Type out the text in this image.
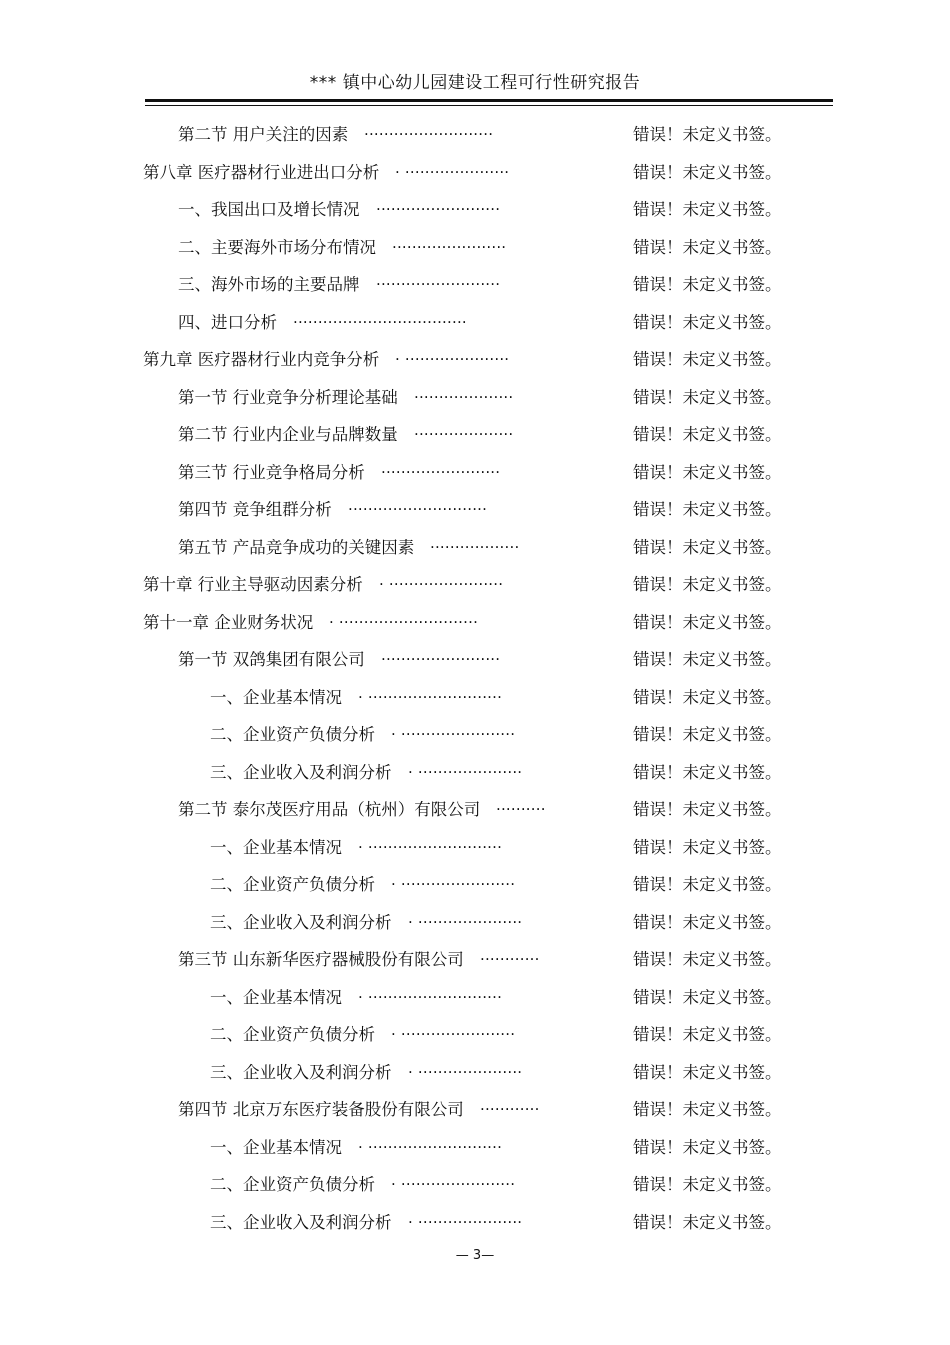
*** 镇中心幼儿园建设工程可行性研究报告
第二节 用户关注的因素 ..........................	错误！未定义书签。
第八章 医疗器材行业进出口分析 . .....................	错误！未定义书签。
一、我国出口及增长情况 .........................	错误！未定义书签。
二、主要海外市场分布情况 .......................	错误！未定义书签。
三、海外市场的主要品牌 .........................	错误！未定义书签。
四、进口分析 ...................................	错误！未定义书签。
第九章 医疗器材行业内竞争分析 . .....................	错误！未定义书签。
第一节 行业竞争分析理论基础 ....................	错误！未定义书签。
第二节 行业内企业与品牌数量 ....................	错误！未定义书签。
第三节 行业竞争格局分析 ........................	错误！未定义书签。
第四节 竞争组群分析 ............................	错误！未定义书签。
第五节 产品竞争成功的关键因素 ..................	错误！未定义书签。
第十章 行业主导驱动因素分析 . .......................	错误！未定义书签。
第十一章 企业财务状况 . ............................	错误！未定义书签。
第一节 双鸽集团有限公司 ........................	错误！未定义书签。
一、企业基本情况 . ...........................	错误！未定义书签。
二、企业资产负债分析 . .......................	错误！未定义书签。
三、企业收入及利润分析 . .....................	错误！未定义书签。
第二节 泰尔茂医疗用品（杭州）有限公司 ..........	错误！未定义书签。
一、企业基本情况 . ...........................	错误！未定义书签。
二、企业资产负债分析 . .......................	错误！未定义书签。
三、企业收入及利润分析 . .....................	错误！未定义书签。
第三节 山东新华医疗器械股份有限公司 ............	错误！未定义书签。
一、企业基本情况 . ...........................	错误！未定义书签。
二、企业资产负债分析 . .......................	错误！未定义书签。
三、企业收入及利润分析 . .....................	错误！未定义书签。
第四节 北京万东医疗装备股份有限公司 ............	错误！未定义书签。
一、企业基本情况 . ...........................	错误！未定义书签。
二、企业资产负债分析 . .......................	错误！未定义书签。
三、企业收入及利润分析 . .....................	错误！未定义书签。
— 3—
